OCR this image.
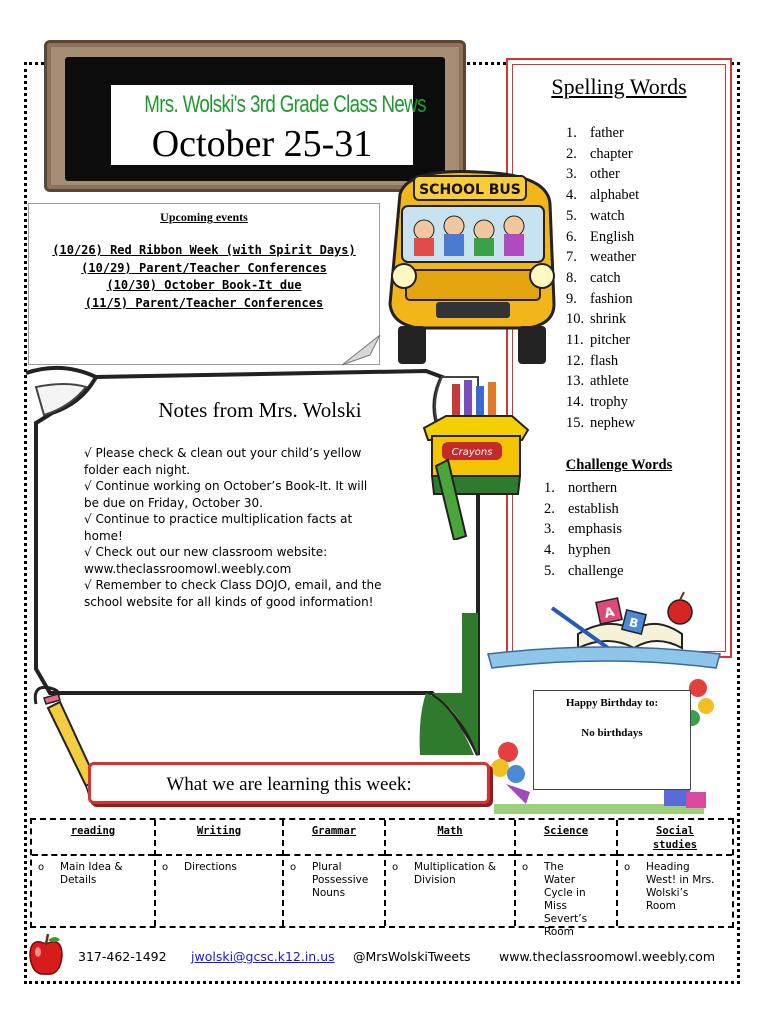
Mrs. Wolski's 3rd Grade Class News
October 25-31
Upcoming events
(10/26) Red Ribbon Week (with Spirit Days)
(10/29) Parent/Teacher Conferences
(10/30) October Book-It due
(11/5) Parent/Teacher Conferences
Notes from Mrs. Wolski
√ Please check & clean out your child’s yellow
folder each night.
√ Continue working on October’s Book-It. It will
be due on Friday, October 30.
√ Continue to practice multiplication facts at
home!
√ Check out our new classroom website:
www.theclassroomowl.weebly.com
√ Remember to check Class DOJO, email, and the
school website for all kinds of good information!
Spelling Words
1. father
2. chapter
3. other
4. alphabet
5. watch
6. English
7. weather
8. catch
9. fashion
10. shrink
11. pitcher
12. flash
13. athlete
14. trophy
15. nephew
Challenge Words
1. northern
2. establish
3. emphasis
4. hyphen
5. challenge
SCHOOL BUS
Crayons
A
B
Happy Birthday to:
No birthdays
What we are learning this week:
reading
o Main Idea & Details
Writing
o Directions
Grammar
o Plural Possessive Nouns
Math
o Multiplication & Division
Science
o The Water Cycle in Miss Severt’s Room
Social studies
o Heading West! in Mrs. Wolski’s Room
317-462-1492 jwolski@gcsc.k12.in.us @MrsWolskiTweets www.theclassroomowl.weebly.com
